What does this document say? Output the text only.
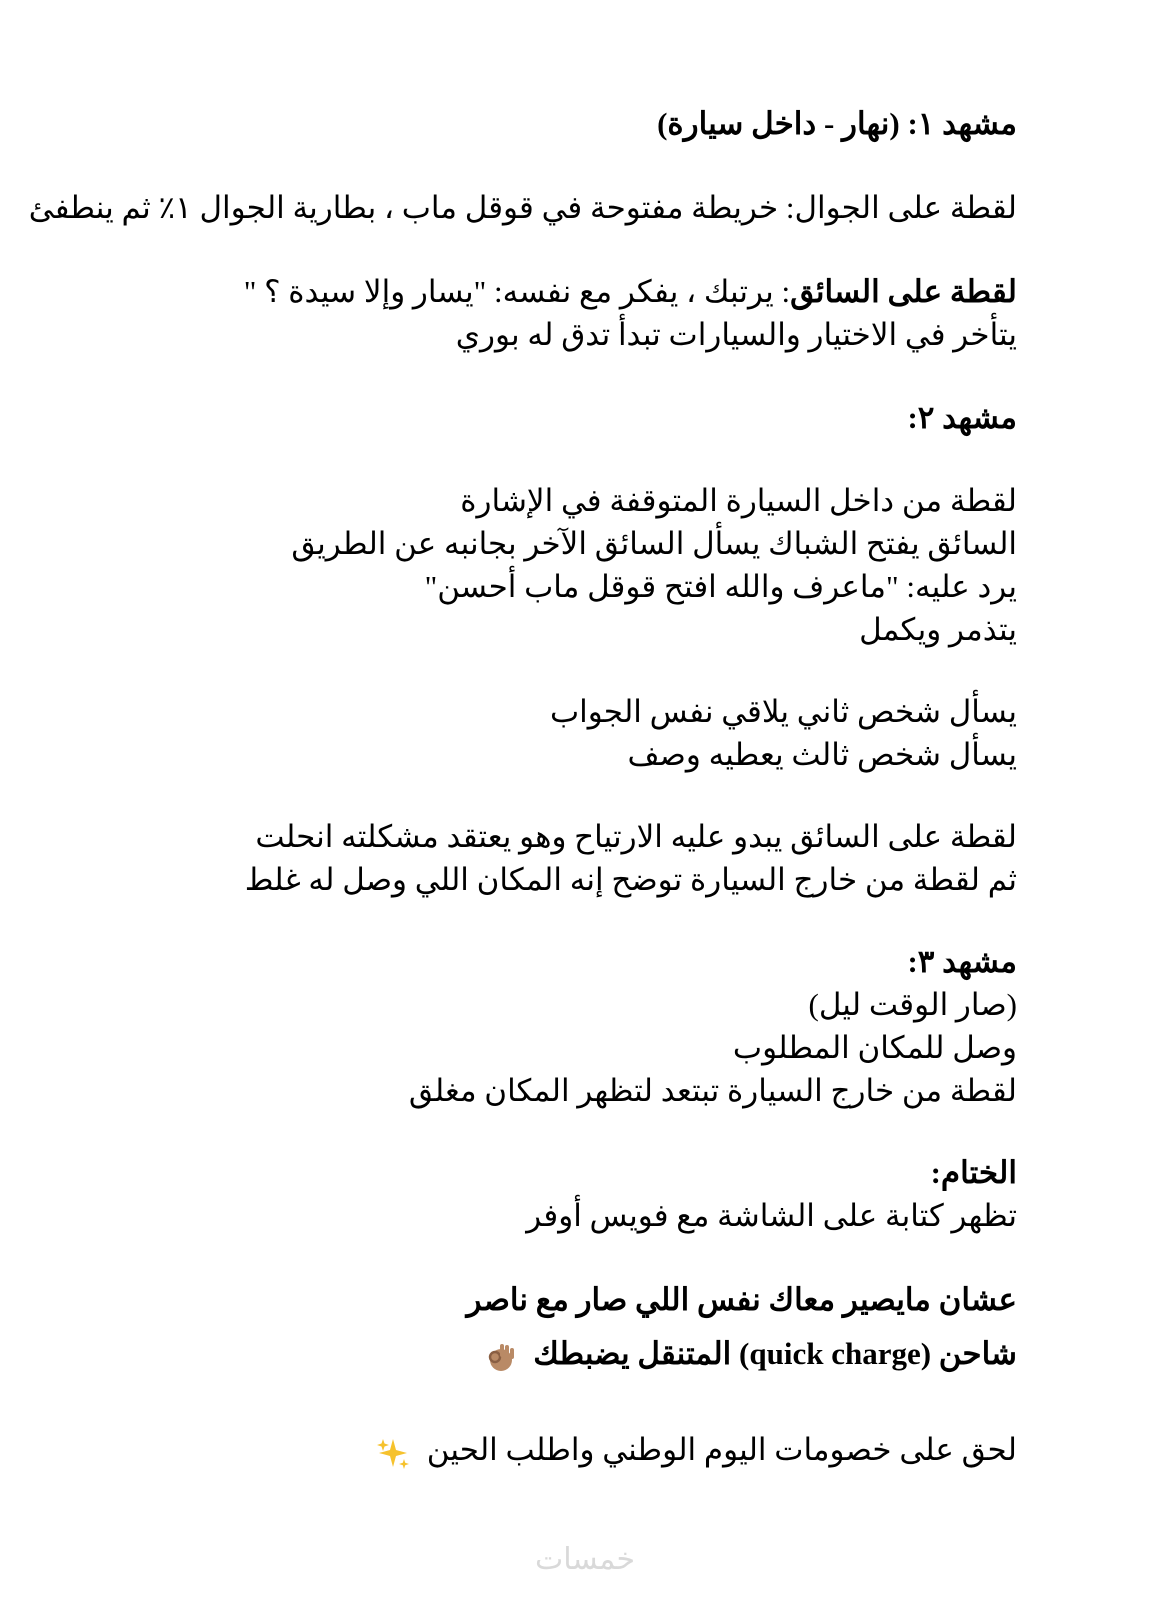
مشهد ١: (نهار - داخل سيارة)
لقطة على الجوال: خريطة مفتوحة في قوقل ماب ، بطارية الجوال ١٪ ثم ينطفئ
لقطة على السائق: يرتبك ، يفكر مع نفسه: "يسار وإلا سيدة ؟ "
يتأخر في الاختيار والسيارات تبدأ تدق له بوري
مشهد ٢:
لقطة من داخل السيارة المتوقفة في الإشارة
السائق يفتح الشباك يسأل السائق الآخر بجانبه عن الطريق
يرد عليه: "ماعرف والله افتح قوقل ماب أحسن"
يتذمر ويكمل
يسأل شخص ثاني يلاقي نفس الجواب
يسأل شخص ثالث يعطيه وصف
لقطة على السائق يبدو عليه الارتياح وهو يعتقد مشكلته انحلت
ثم لقطة من خارج السيارة توضح إنه المكان اللي وصل له غلط
مشهد ٣:
(صار الوقت ليل)
وصل للمكان المطلوب
لقطة من خارج السيارة تبتعد لتظهر المكان مغلق
الختام:
تظهر كتابة على الشاشة مع فويس أوفر
عشان مايصير معاك نفس اللي صار مع ناصر
شاحن (quick charge) المتنقل يضبطك
لحق على خصومات اليوم الوطني واطلب الحين
خمسات
